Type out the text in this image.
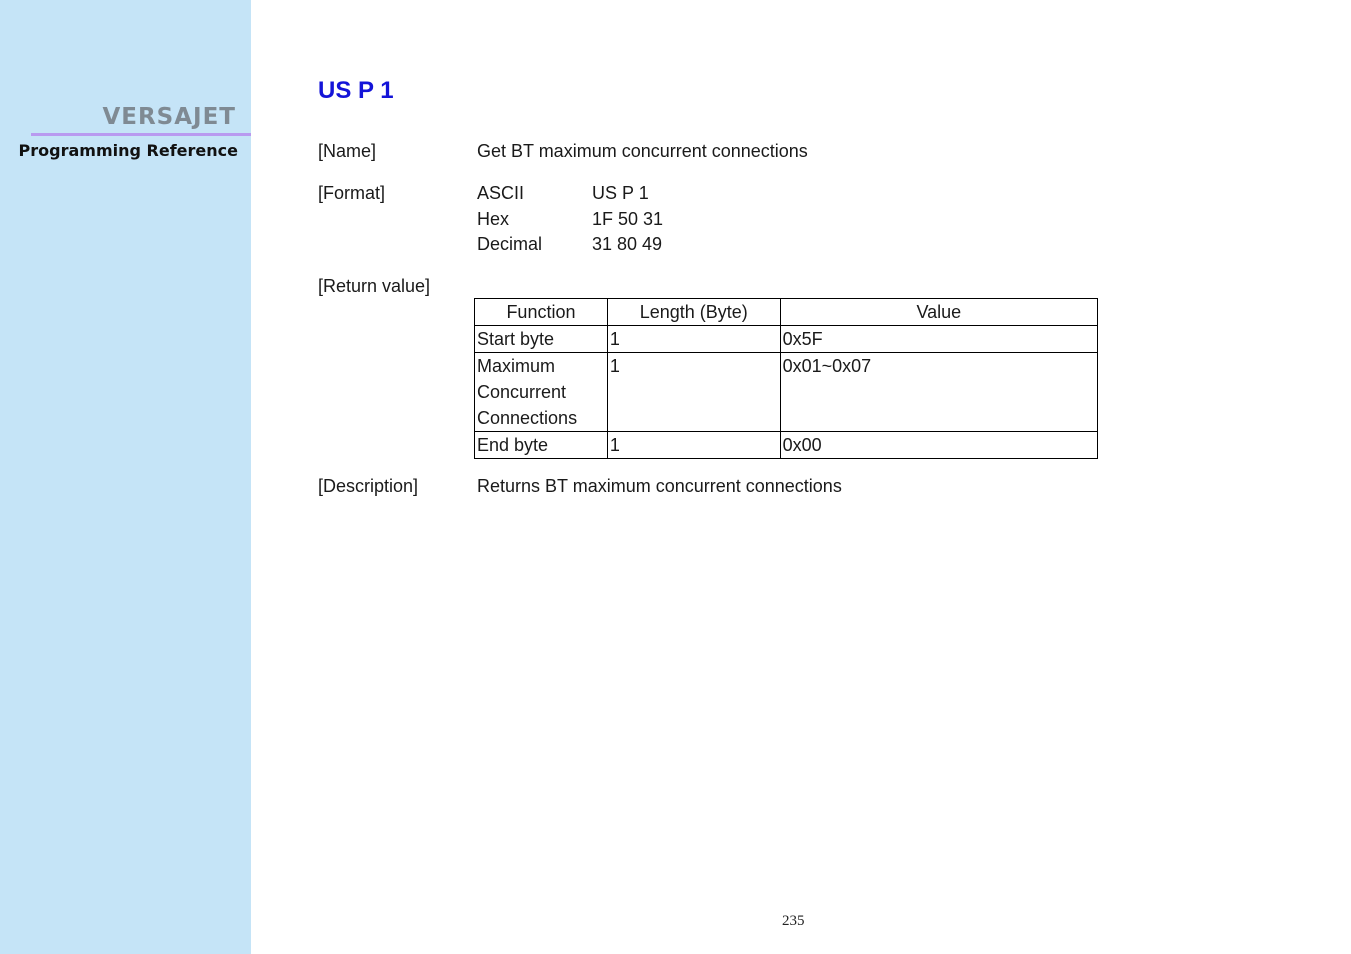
VERSAJET
Programming Reference
US P 1
[Name]	Get BT maximum concurrent connections
[Format]	ASCII	US P 1
Hex	1F 50 31
Decimal	31 80 49
[Return value]
Function	Length (Byte)	Value
Start byte	1	0x5F

Maximum
Concurrent
Connections	1	0x01~0x07
End byte	1	0x00
[Description]	Returns BT maximum concurrent connections
235
